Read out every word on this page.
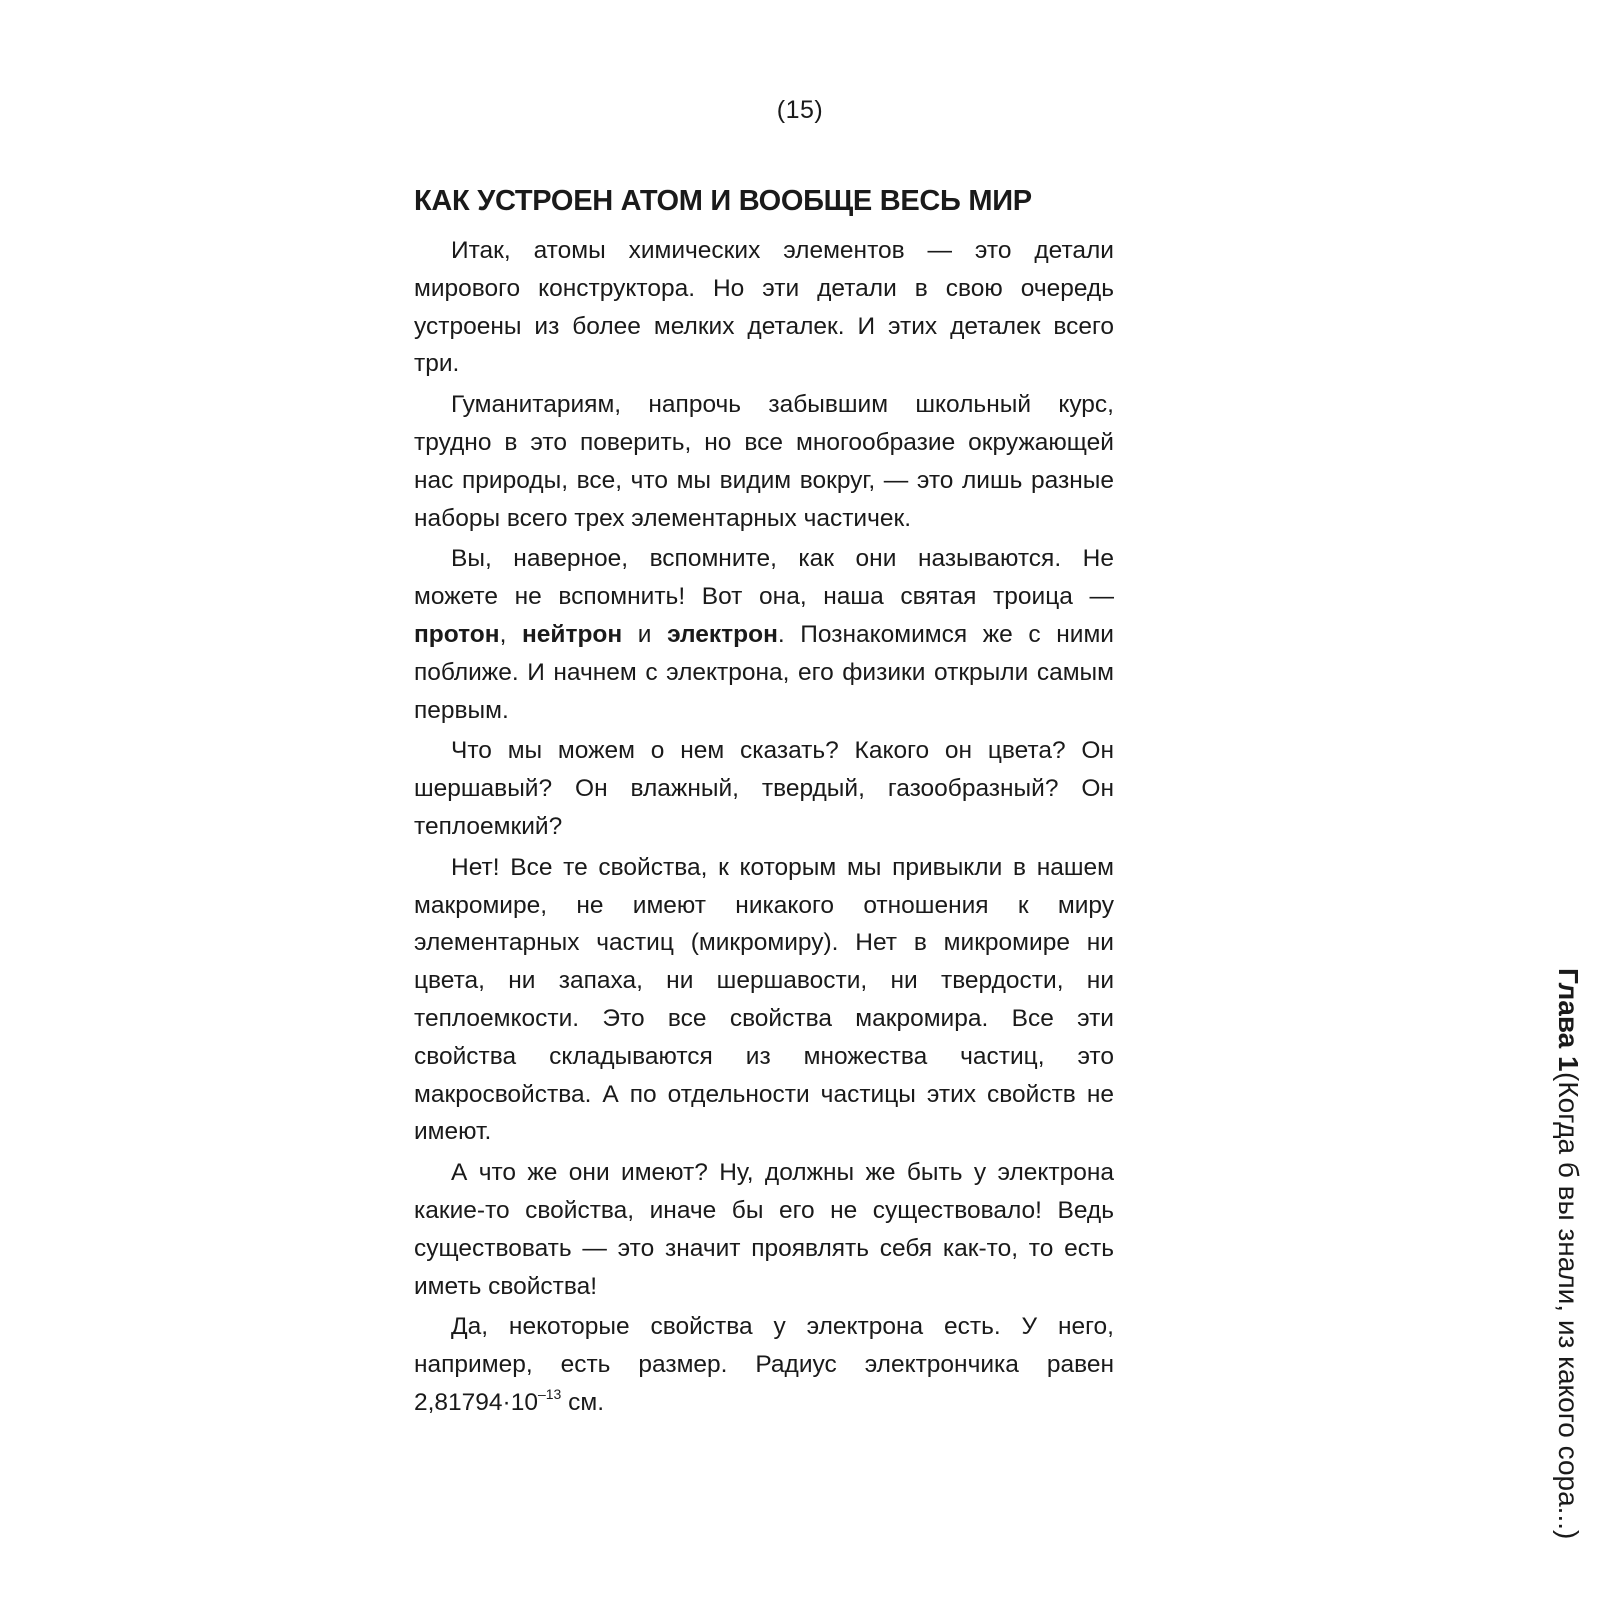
(15)
КАК УСТРОЕН АТОМ И ВООБЩЕ ВЕСЬ МИР

Итак, атомы химических элементов — это детали мирового конструктора. Но эти детали в свою очередь устроены из более мелких деталек. И этих деталек всего три.

Гуманитариям, напрочь забывшим школьный курс, трудно в это поверить, но все многообразие окружающей нас природы, все, что мы видим вокруг, — это лишь разные наборы всего трех элементарных частичек.

Вы, наверное, вспомните, как они называются. Не можете не вспомнить! Вот она, наша святая троица — протон, нейтрон и электрон. Познакомимся же с ними поближе. И начнем с электрона, его физики открыли самым первым.

Что мы можем о нем сказать? Какого он цвета? Он шершавый? Он влажный, твердый, газообразный? Он теплоемкий?

Нет! Все те свойства, к которым мы привыкли в нашем макромире, не имеют никакого отношения к миру элементарных частиц (микромиру). Нет в микромире ни цвета, ни запаха, ни шершавости, ни твердости, ни теплоемкости. Это все свойства макромира. Все эти свойства складываются из множества частиц, это макросвойства. А по отдельности частицы этих свойств не имеют.

А что же они имеют? Ну, должны же быть у электрона какие-то свойства, иначе бы его не существовало! Ведь существовать — это значит проявлять себя как-то, то есть иметь свойства!

Да, некоторые свойства у электрона есть. У него, например, есть размер. Радиус электрончика равен $2,81794\cdot 10^{-13}$ см.

Глава 1
(Когда б вы знали, из какого сора...)
